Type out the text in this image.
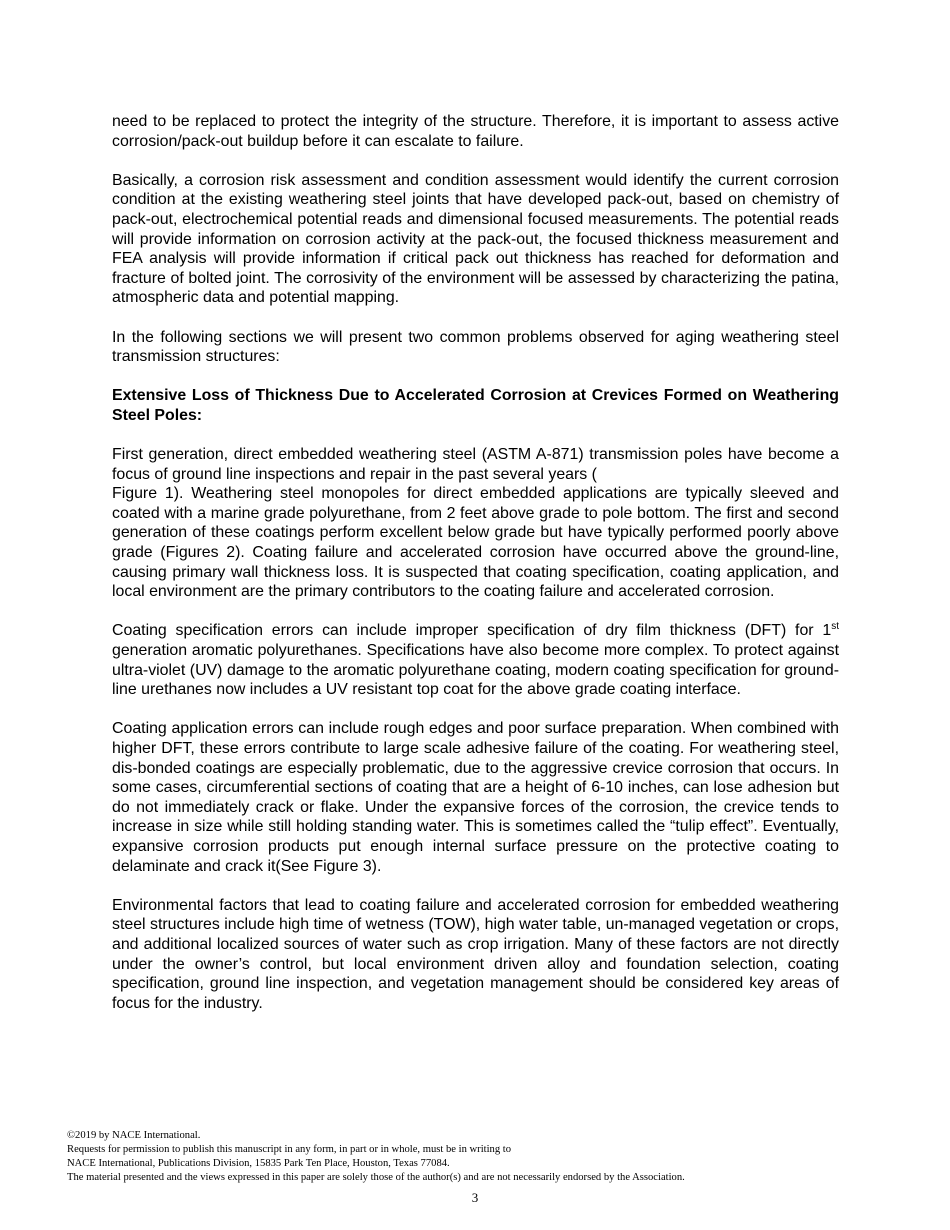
need to be replaced to protect the integrity of the structure. Therefore, it is important to assess active corrosion/pack-out buildup before it can escalate to failure.

Basically, a corrosion risk assessment and condition assessment would identify the current corrosion condition at the existing weathering steel joints that have developed pack-out, based on chemistry of pack-out, electrochemical potential reads and dimensional focused measurements. The potential reads will provide information on corrosion activity at the pack-out, the focused thickness measurement and FEA analysis will provide information if critical pack out thickness has reached for deformation and fracture of bolted joint. The corrosivity of the environment will be assessed by characterizing the patina, atmospheric data and potential mapping.

In the following sections we will present two common problems observed for aging weathering steel transmission structures:

Extensive Loss of Thickness Due to Accelerated Corrosion at Crevices Formed on Weathering Steel Poles:

First generation, direct embedded weathering steel (ASTM A-871) transmission poles have become a focus of ground line inspections and repair in the past several years (
Figure 1). Weathering steel monopoles for direct embedded applications are typically sleeved and coated with a marine grade polyurethane, from 2 feet above grade to pole bottom. The first and second generation of these coatings perform excellent below grade but have typically performed poorly above grade (Figures 2). Coating failure and accelerated corrosion have occurred above the ground-line, causing primary wall thickness loss. It is suspected that coating specification, coating application, and local environment are the primary contributors to the coating failure and accelerated corrosion.

Coating specification errors can include improper specification of dry film thickness (DFT) for 1st generation aromatic polyurethanes. Specifications have also become more complex. To protect against ultra-violet (UV) damage to the aromatic polyurethane coating, modern coating specification for ground-line urethanes now includes a UV resistant top coat for the above grade coating interface.

Coating application errors can include rough edges and poor surface preparation. When combined with higher DFT, these errors contribute to large scale adhesive failure of the coating. For weathering steel, dis-bonded coatings are especially problematic, due to the aggressive crevice corrosion that occurs. In some cases, circumferential sections of coating that are a height of 6-10 inches, can lose adhesion but do not immediately crack or flake. Under the expansive forces of the corrosion, the crevice tends to increase in size while still holding standing water. This is sometimes called the “tulip effect”. Eventually, expansive corrosion products put enough internal surface pressure on the protective coating to delaminate and crack it(See Figure 3).

Environmental factors that lead to coating failure and accelerated corrosion for embedded weathering steel structures include high time of wetness (TOW), high water table, un-managed vegetation or crops, and additional localized sources of water such as crop irrigation. Many of these factors are not directly under the owner’s control, but local environment driven alloy and foundation selection, coating specification, ground line inspection, and vegetation management should be considered key areas of focus for the industry.

©2019 by NACE International.
Requests for permission to publish this manuscript in any form, in part or in whole, must be in writing to
NACE International, Publications Division, 15835 Park Ten Place, Houston, Texas 77084.
The material presented and the views expressed in this paper are solely those of the author(s) and are not necessarily endorsed by the Association.
3
